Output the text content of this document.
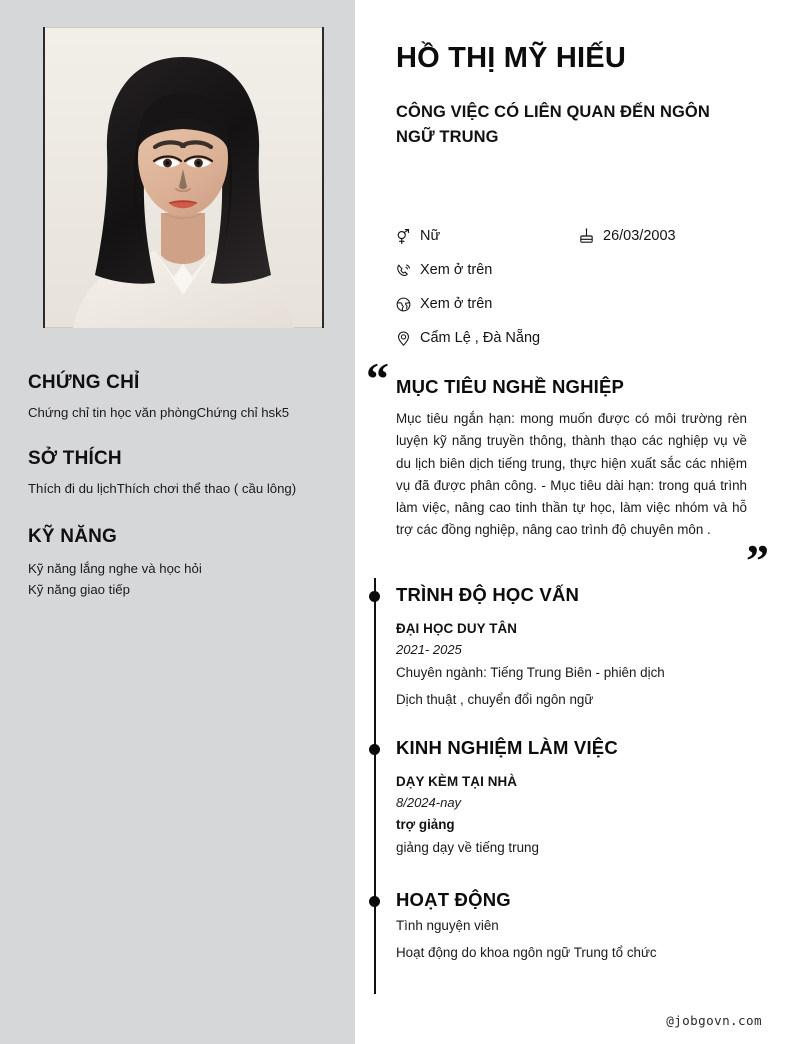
CHỨNG CHỈ
Chứng chỉ tin học văn phòngChứng chỉ hsk5
SỞ THÍCH
Thích đi du lịchThích chơi thể thao ( cầu lông)
KỸ NĂNG
Kỹ năng lắng nghe và học hỏi
Kỹ năng giao tiếp
HỒ THỊ MỸ HIẾU
CÔNG VIỆC CÓ LIÊN QUAN ĐẾN NGÔN NGỮ TRUNG
Nữ	26/03/2003
Xem ở trên
Xem ở trên
Cẩm Lệ , Đà Nẵng
“
”
MỤC TIÊU NGHỀ NGHIỆP
Mục tiêu ngắn hạn: mong muốn được có môi trường rèn luyện kỹ năng truyền thông, thành thạo các nghiệp vụ về du lịch biên dịch tiếng trung, thực hiện xuất sắc các nhiệm vụ đã được phân công. - Mục tiêu dài hạn: trong quá trình làm việc, nâng cao tinh thần tự học, làm việc nhóm và hỗ trợ các đồng nghiệp, nâng cao trình độ chuyên môn .
TRÌNH ĐỘ HỌC VẤN
ĐẠI HỌC DUY TÂN
2021- 2025
Chuyên ngành: Tiếng Trung Biên - phiên dịch
Dịch thuật , chuyển đổi ngôn ngữ
KINH NGHIỆM LÀM VIỆC
DẠY KÈM TẠI NHÀ
8/2024-nay
trợ giảng
giảng dạy về tiếng trung
HOẠT ĐỘNG
Tình nguyện viên
Hoạt động do khoa ngôn ngữ Trung tổ chức
@jobgovn.com
